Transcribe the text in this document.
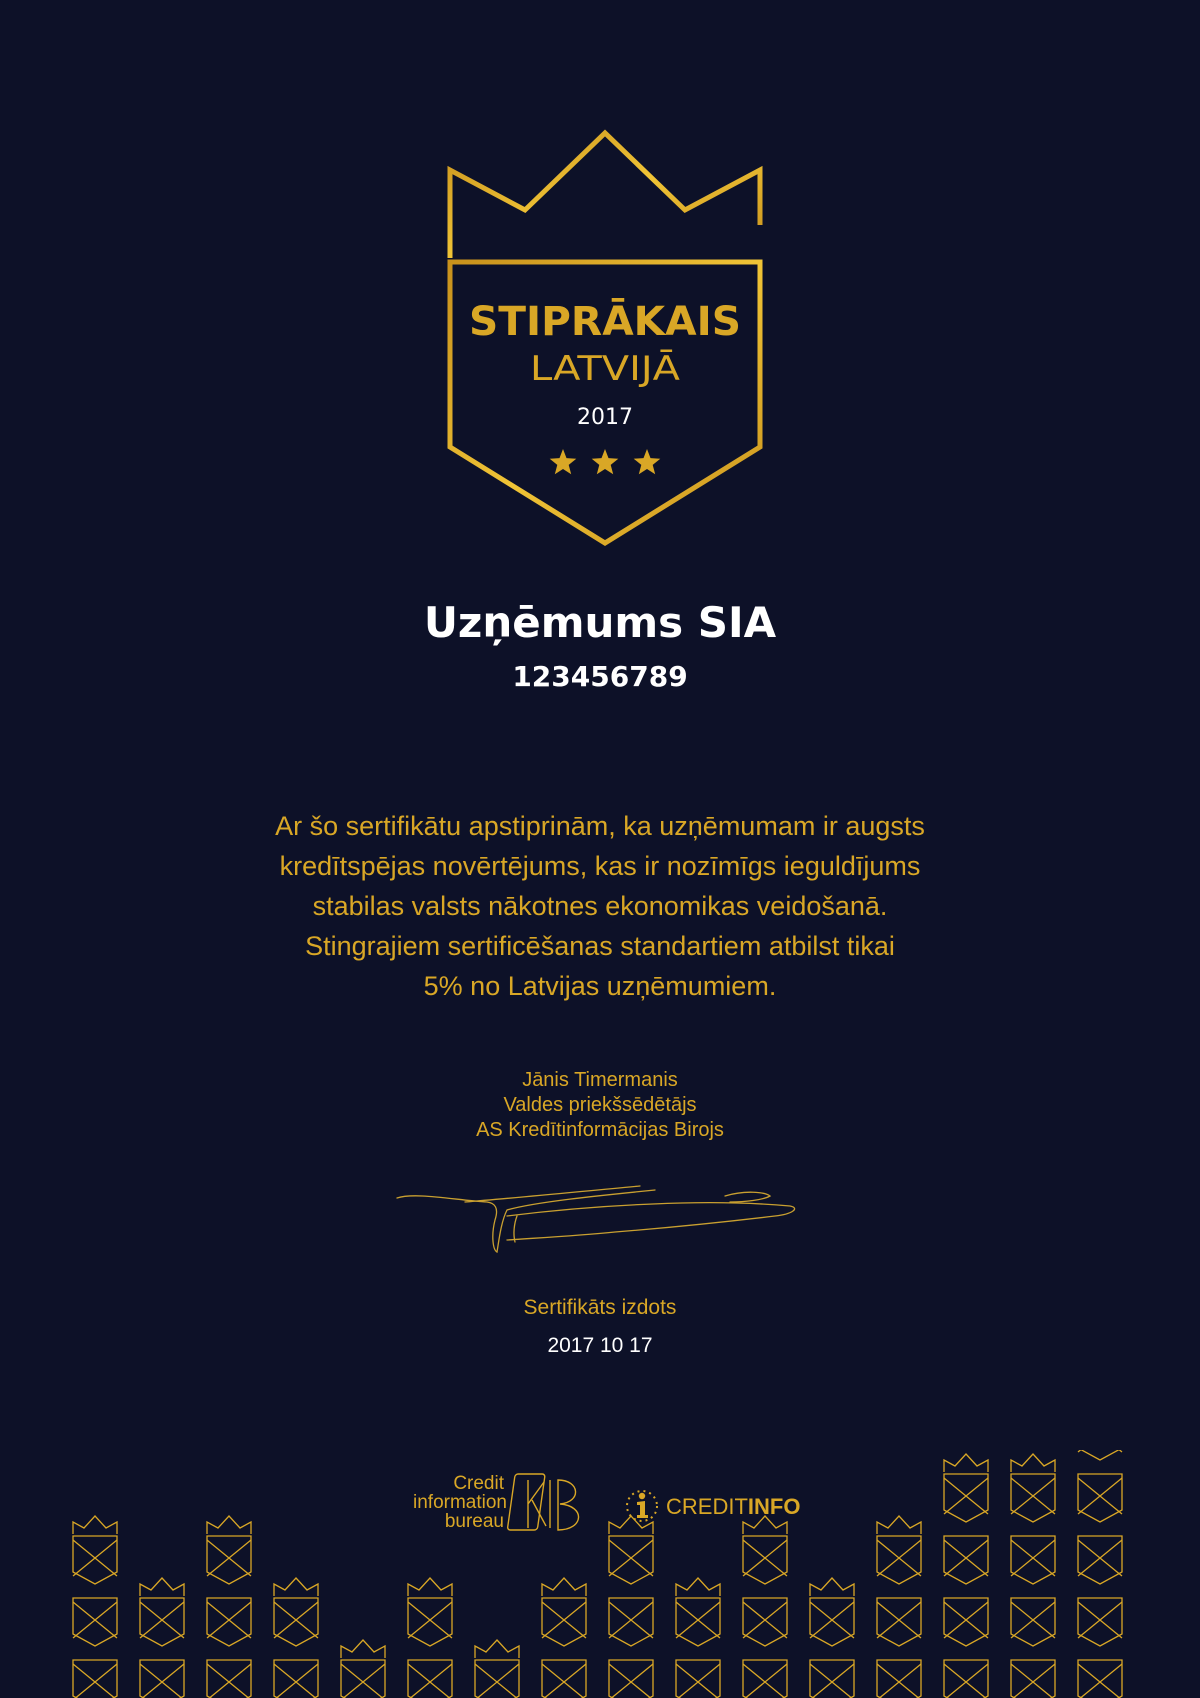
STIPRĀKAIS
LATVIJĀ
2017
Uzņēmums SIA
123456789
Ar šo sertifikātu apstiprinām, ka uzņēmumam ir augsts
kredītspējas novērtējums, kas ir nozīmīgs ieguldījums
stabilas valsts nākotnes ekonomikas veidošanā.
Stingrajiem sertificēšanas standartiem atbilst tikai
5% no Latvijas uzņēmumiem.
Jānis Timermanis
Valdes priekšsēdētājs
AS Kredītinformācijas Birojs
Sertifikāts izdots
2017 10 17
Credit
information
bureau
CREDITINFO
